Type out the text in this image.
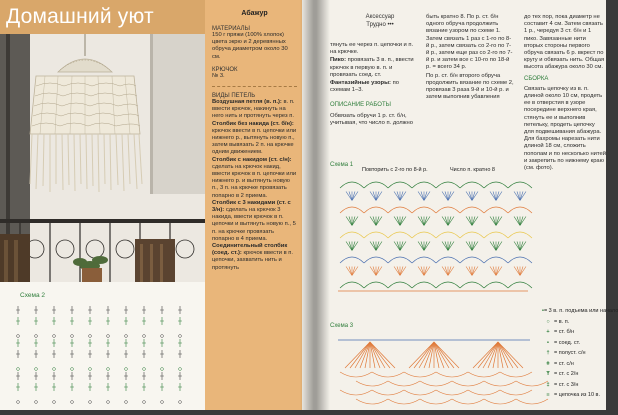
Домашний уют
Схема 2
Абажур
МАТЕРИАЛЫ

150 г пряжи (100% хлопок) цвета экрю и 2 деревянных обруча диаметром около 30 см.

КРЮЧОК

№ 3.

ВИДЫ ПЕТЕЛЬ

Воздушная петля (в. п.): в. п. ввести крючок, накинуть на него нить и протянуть через п.

Столбик без накида (ст. б/н): крючок ввести в п. цепочки или нижнего р., вытянуть новую п., затем вывязать 2 п. на крючке одним движением.

Столбик с накидом (ст. с/н): сделать на крючок накид, ввести крючок в п. цепочки или нижнего р. и вытянуть новую п., 3 п. на крючке провязать попарно в 2 приема.

Столбик с 3 накидами (ст. с 3/н): сделать на крючок 3 накида, ввести крючок в п. цепочки и вытянуть новую п., 5 п. на крючке провязать попарно в 4 приема.

Соединительный столбик (соед. ст.): крючок ввести в п. цепочки, захватить нить и протянуть

Аксессуар
Трудно •••

тянуть ее через п. цепочки и п. на крючке.

Пико: провязать 3 в. п., ввести крючок в первую в. п. и провязать соед. ст.

Фантазийные узоры: по схемам 1–3.

ОПИСАНИЕ РАБОТЫ

Обвязать обручи 1 р. ст. б/н, учитывая, что число п. должно

быть кратно 8. По р. ст. б/н одного обруча продолжить вязание узором по схеме 1. Затем связать 1 раз с 1-го по 8-й р., затем связать со 2-го по 7-й р., затем еще раз со 2-го по 7-й р. и затем все с 10-го по 18-й р. = всего 34 р.

По р. ст. б/н второго обруча продолжить вязание по схеме 2, провязав 3 раза 9-й и 10-й р. и затем выполнив убавления

до тех пор, пока диаметр не составит 4 см. Затем связать 1 р., чередуя 3 ст. б/н и 1 пико. Завязанные нити вторых стороны первого обруча связать 6 р. вкрест по кругу и обвязать нить. Общая высота абажура около 30 см.

СБОРКА

Связать цепочку из в. п. длиной около 10 см, продеть ее в отверстия в узоре посередине верхнего края, стянуть ее и выполнив петельку, продеть цепочку для подвешивания абажура. Для бахромы нарезать нити длиной 18 см, сложить пополам и по несколько нитей и закрепить по нижнему краю (см. фото).

Схема 1
Повторить с 2-го по 8-й р.	Число п. кратно 8
Схема 3
• = 3 в. п. подъема или начало
○ = в. п.
+ = ст. б/н
• = соед. ст.
† = полуст. с/н
ǂ = ст. с/н
Ŧ = ст. с 2/н
‡ = ст. с 3/н
≡ = цепочка из 10 в.
